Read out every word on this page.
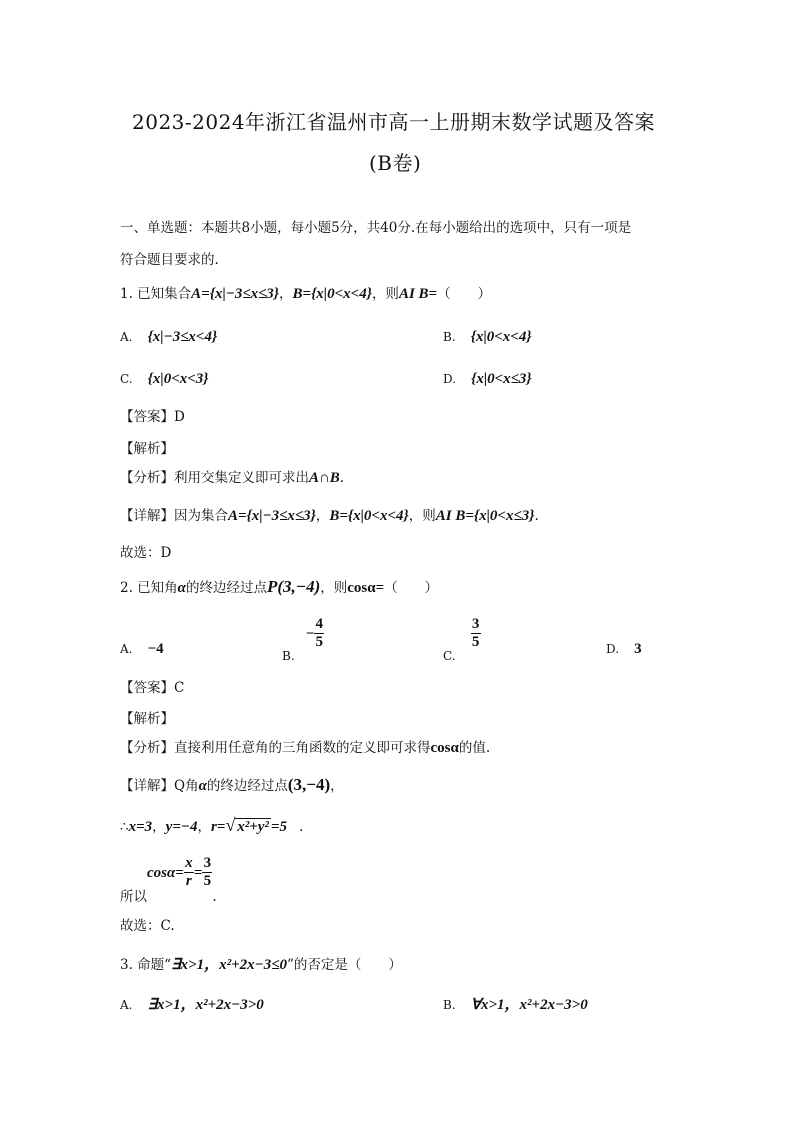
2023-2024年浙江省温州市高一上册期末数学试题及答案
(B卷)
一、单选题：本题共8小题，每小题5分，共40分.在每小题给出的选项中，只有一项是
符合题目要求的.
1. 已知集合A={x|−3≤x≤3}，B={x|0<x<4}，则AI B=（　　）
A. {x|−3≤x<4}	B. {x|0<x<4}
C. {x|0<x<3}	D. {x|0<x≤3}
【答案】D
【解析】
【分析】利用交集定义即可求出A∩B.
【详解】因为集合A={x|−3≤x≤3}，B={x|0<x<4}，则AI B={x|0<x≤3}.
故选：D
2. 已知角α的终边经过点P(3,−4)，则cosα=（　　）
A. −4	B. − $\frac{4}{5}$
C.
$\frac{3}{5}$	D. 3
【答案】C
【解析】
【分析】直接利用任意角的三角函数的定义即可求得cosα的值.
【详解】Q角α的终边经过点(3,−4)，
∴x=3，y=−4，r=√ x²+y² =5 .
所以$\cos\alpha= \frac{x}{r} = \frac{3}{5}$
.
故选：C.
3. 命题“∃x>1，x²+2x−3≤0”的否定是（　　）
A. ∃x>1，x²+2x−3>0	B. ∀x>1，x²+2x−3>0
